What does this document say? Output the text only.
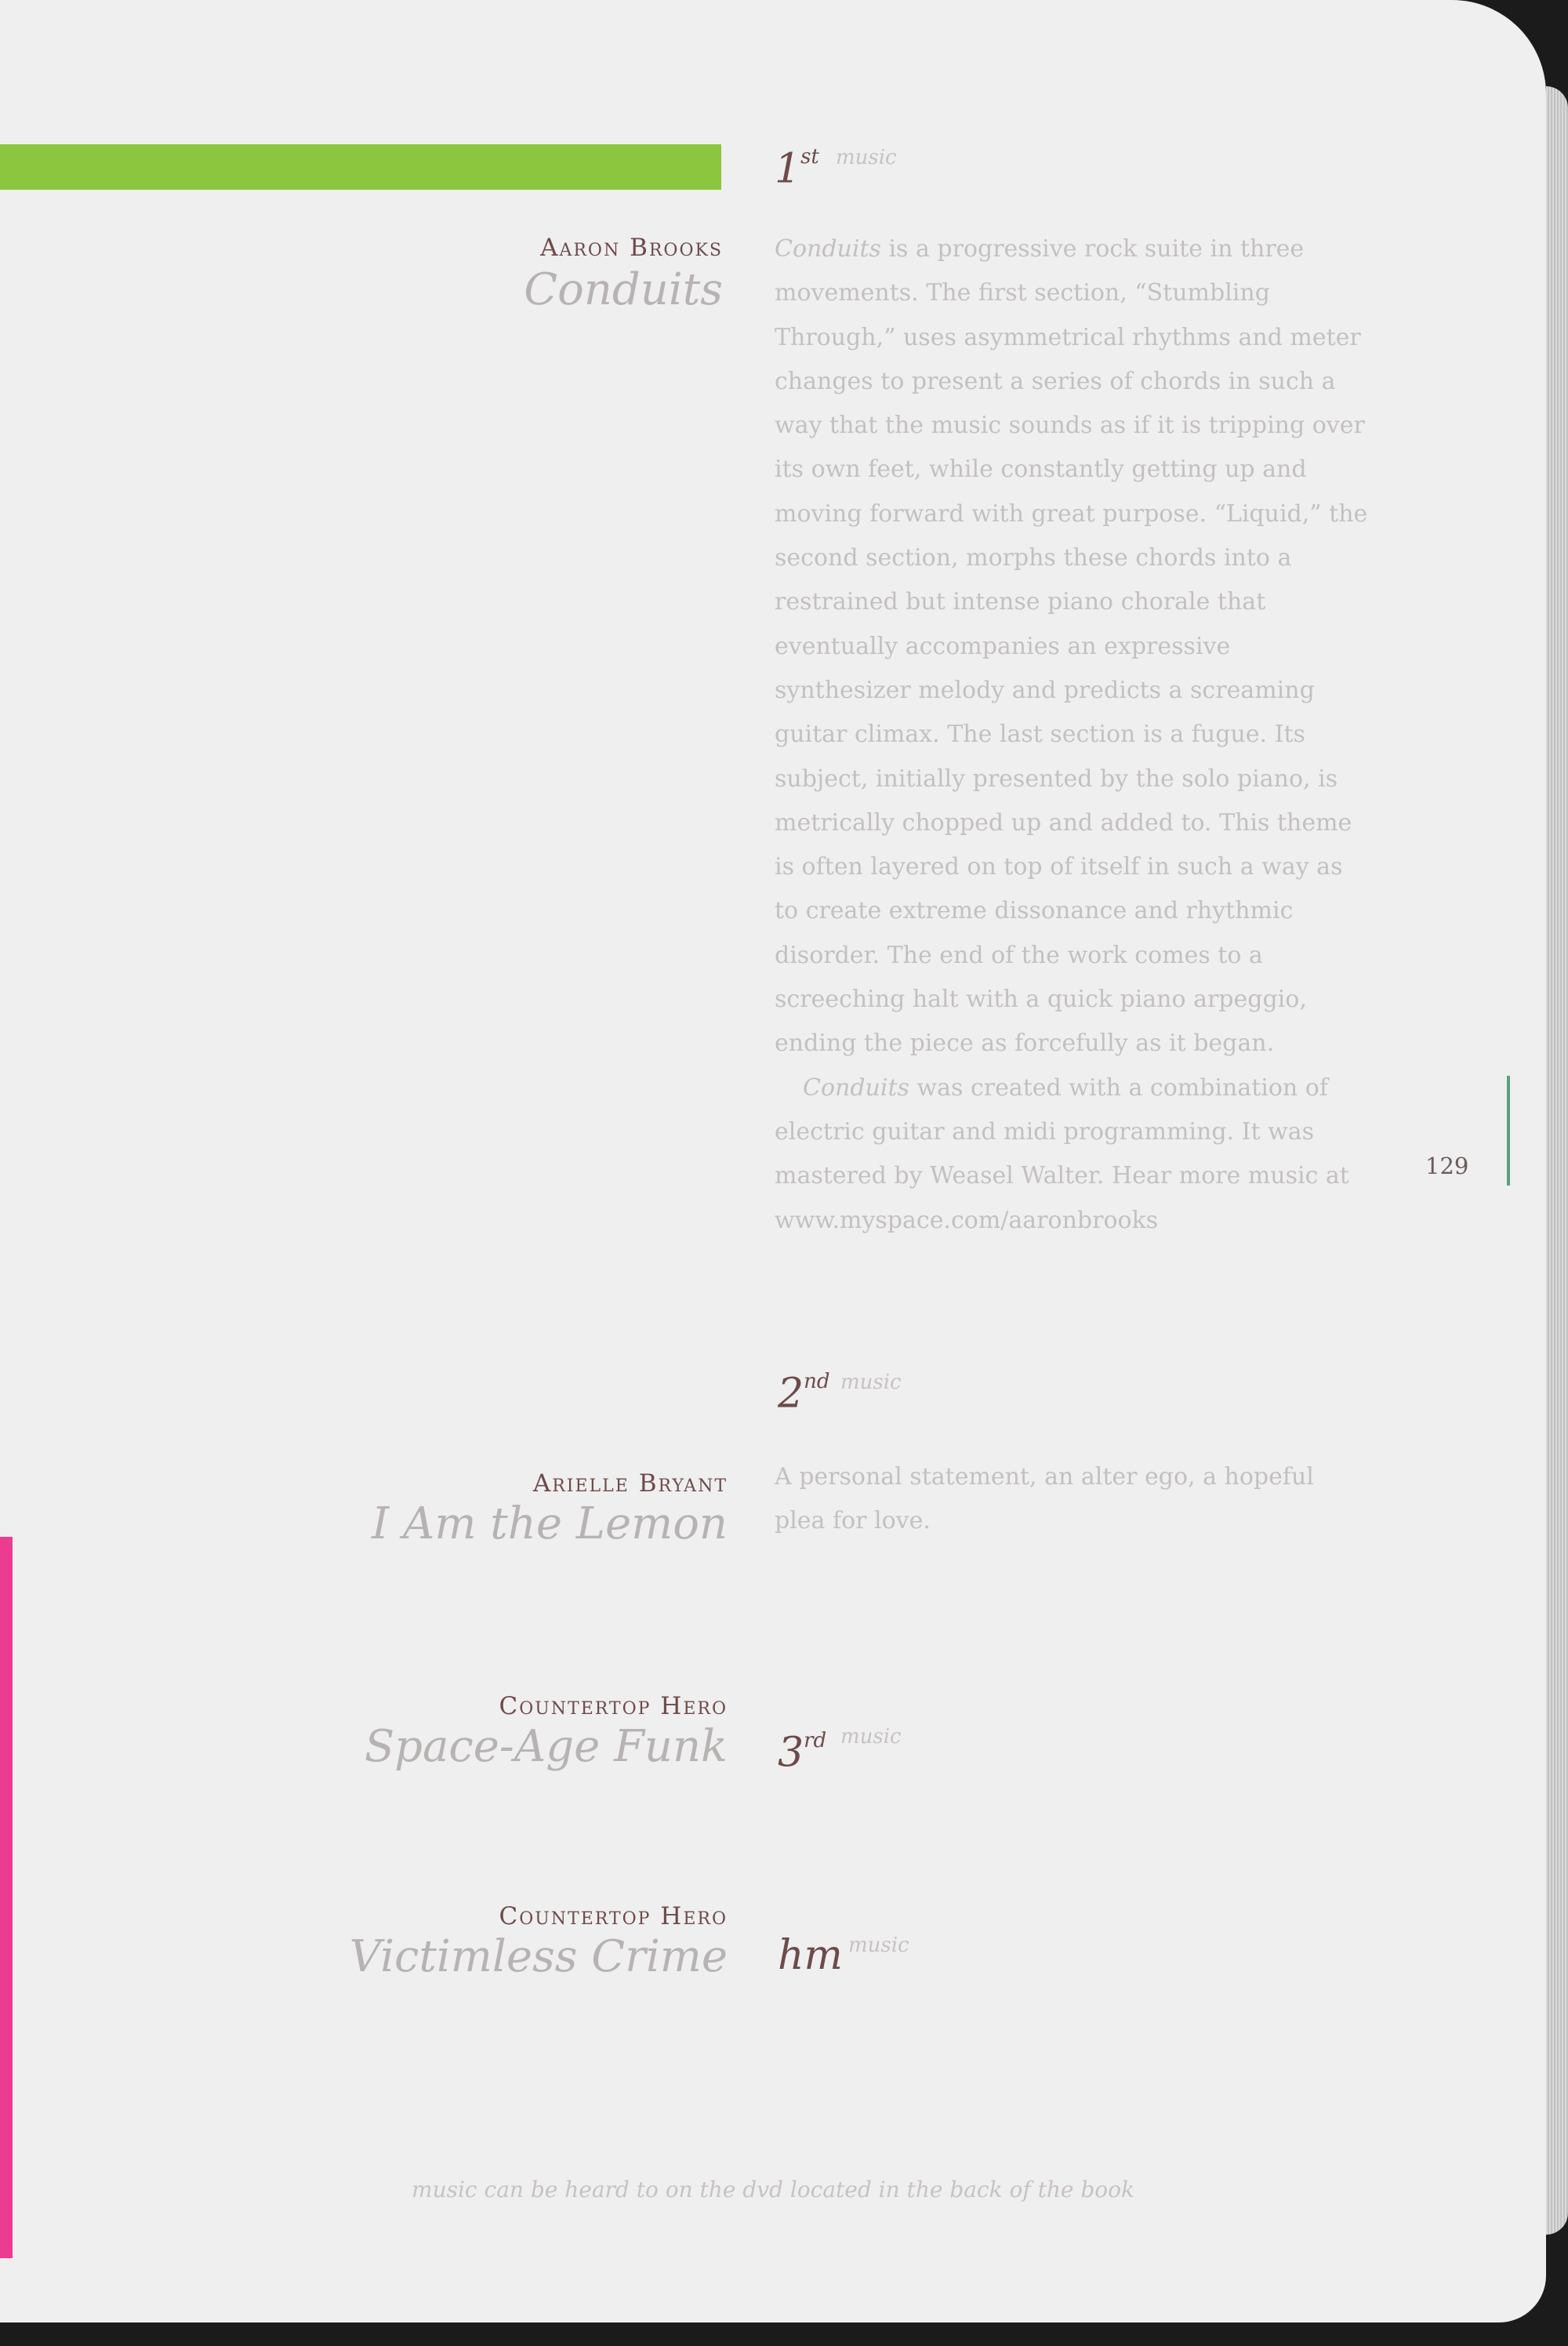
1st music
Aaron Brooks
Conduits

Conduits is a progressive rock suite in three movements. The first section, “Stumbling Through,” uses asymmetrical rhythms and meter changes to present a series of chords in such a way that the music sounds as if it is tripping over its own feet, while constantly getting up and moving forward with great purpose. “Liquid,” the second section, morphs these chords into a restrained but intense piano chorale that eventually accompanies an expressive synthesizer melody and predicts a screaming guitar climax. The last section is a fugue. Its subject, initially presented by the solo piano, is metrically chopped up and added to. This theme is often layered on top of itself in such a way as to create extreme dissonance and rhythmic disorder. The end of the work comes to a screeching halt with a quick piano arpeggio, ending the piece as forcefully as it began.

Conduits was created with a combination of electric guitar and midi programming. It was mastered by Weasel Walter. Hear more music at www.myspace.com/aaronbrooks

129
2nd music
Arielle Bryant
I Am the Lemon
A personal statement, an alter ego, a hopeful plea for love.
Countertop Hero
Space-Age Funk 3rd music
Countertop Hero
Victimless Crime hm music
music can be heard to on the dvd located in the back of the book
